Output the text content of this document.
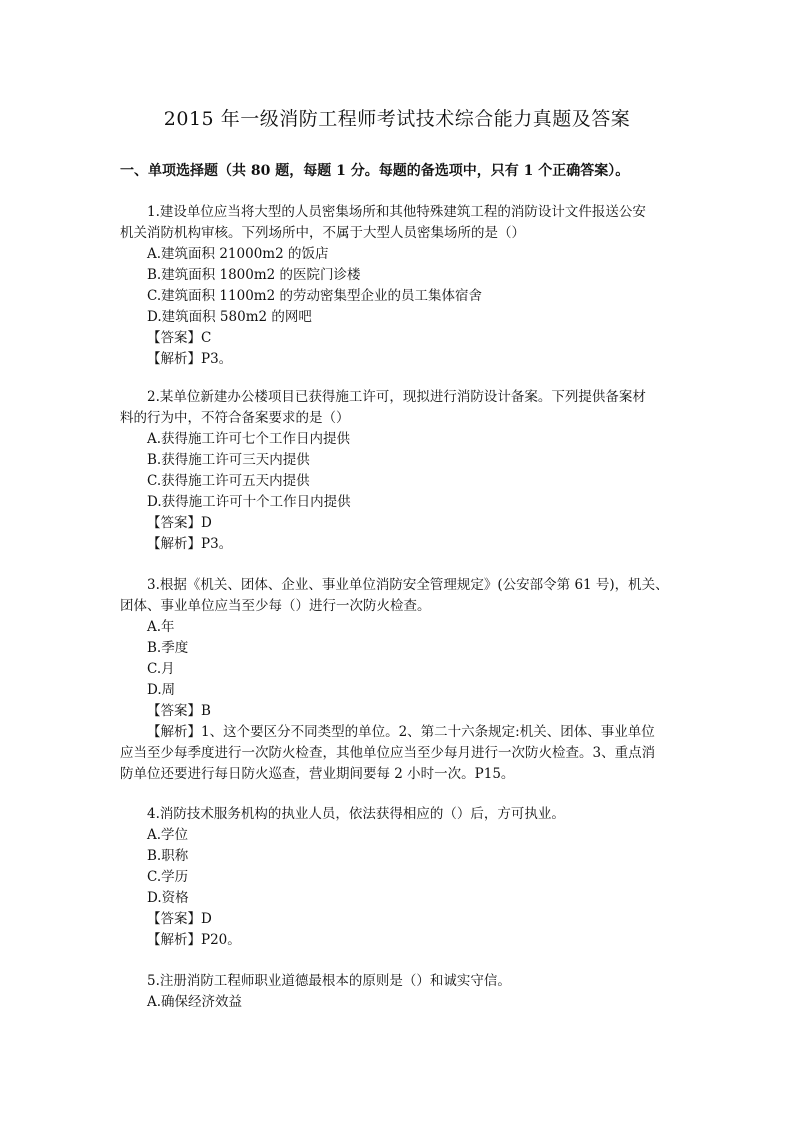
2015 年一级消防工程师考试技术综合能力真题及答案
一、单项选择题（共 80 题，每题 1 分。每题的备选项中，只有 1 个正确答案）。
1.建设单位应当将大型的人员密集场所和其他特殊建筑工程的消防设计文件报送公安
机关消防机构审核。下列场所中，不属于大型人员密集场所的是（）
A.建筑面积 21000m2 的饭店
B.建筑面积 1800m2 的医院门诊楼
C.建筑面积 1100m2 的劳动密集型企业的员工集体宿舍
D.建筑面积 580m2 的网吧
【答案】C
【解析】P3。
2.某单位新建办公楼项目已获得施工许可，现拟进行消防设计备案。下列提供备案材
料的行为中，不符合备案要求的是（）
A.获得施工许可七个工作日内提供
B.获得施工许可三天内提供
C.获得施工许可五天内提供
D.获得施工许可十个工作日内提供
【答案】D
【解析】P3。
3.根据《机关、团体、企业、事业单位消防安全管理规定》(公安部令第 61 号)，机关、
团体、事业单位应当至少每（）进行一次防火检查。
A.年
B.季度
C.月
D.周
【答案】B
【解析】1、这个要区分不同类型的单位。2、第二十六条规定:机关、团体、事业单位
应当至少每季度进行一次防火检查，其他单位应当至少每月进行一次防火检查。3、重点消
防单位还要进行每日防火巡查，营业期间要每 2 小时一次。P15。
4.消防技术服务机构的执业人员，依法获得相应的（）后，方可执业。
A.学位
B.职称
C.学历
D.资格
【答案】D
【解析】P20。
5.注册消防工程师职业道德最根本的原则是（）和诚实守信。
A.确保经济效益
